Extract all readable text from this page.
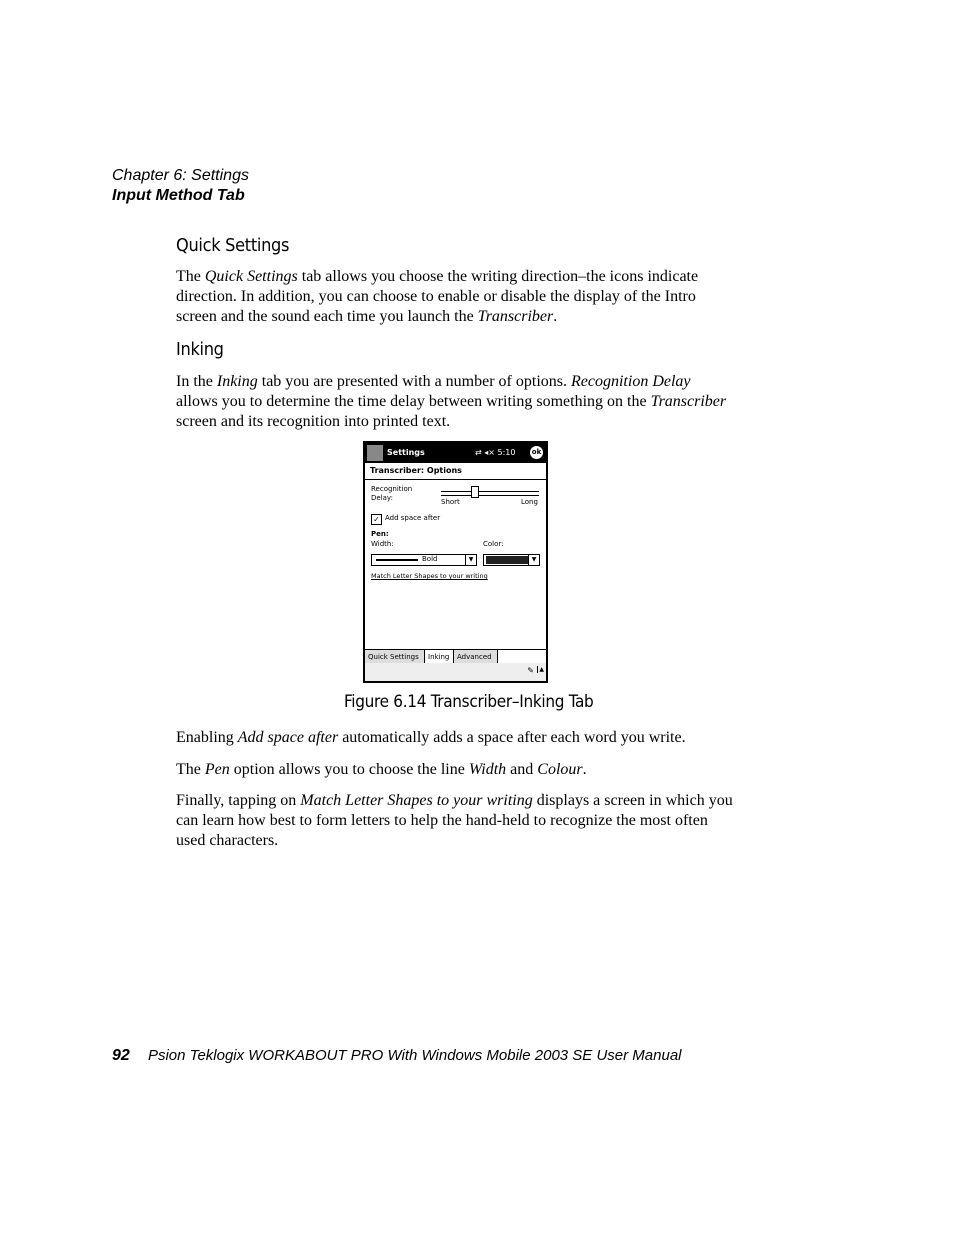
Chapter 6: Settings
Input Method Tab
Quick Settings

The Quick Settings tab allows you choose the writing direction–the icons indicate direction. In addition, you can choose to enable or disable the display of the Intro screen and the sound each time you launch the Transcriber.

Inking

In the Inking tab you are presented with a number of options. Recognition Delay allows you to determine the time delay between writing something on the Transcriber screen and its recognition into printed text.

Settings	⇄ ◂× 5:10 ok
Transcriber: Options
Recognition
Delay:	Short	Long
✓ Add space after
Pen:
Width:	Color:
Bold	▼	▼
Match Letter Shapes to your writing
Quick Settings	Inking	Advanced
✎ ▲
Figure 6.14 Transcriber–Inking Tab

Enabling Add space after automatically adds a space after each word you write.

The Pen option allows you to choose the line Width and Colour.

Finally, tapping on Match Letter Shapes to your writing displays a screen in which you can learn how best to form letters to help the hand-held to recognize the most often used characters.

92 Psion Teklogix WORKABOUT PRO With Windows Mobile 2003 SE User Manual
